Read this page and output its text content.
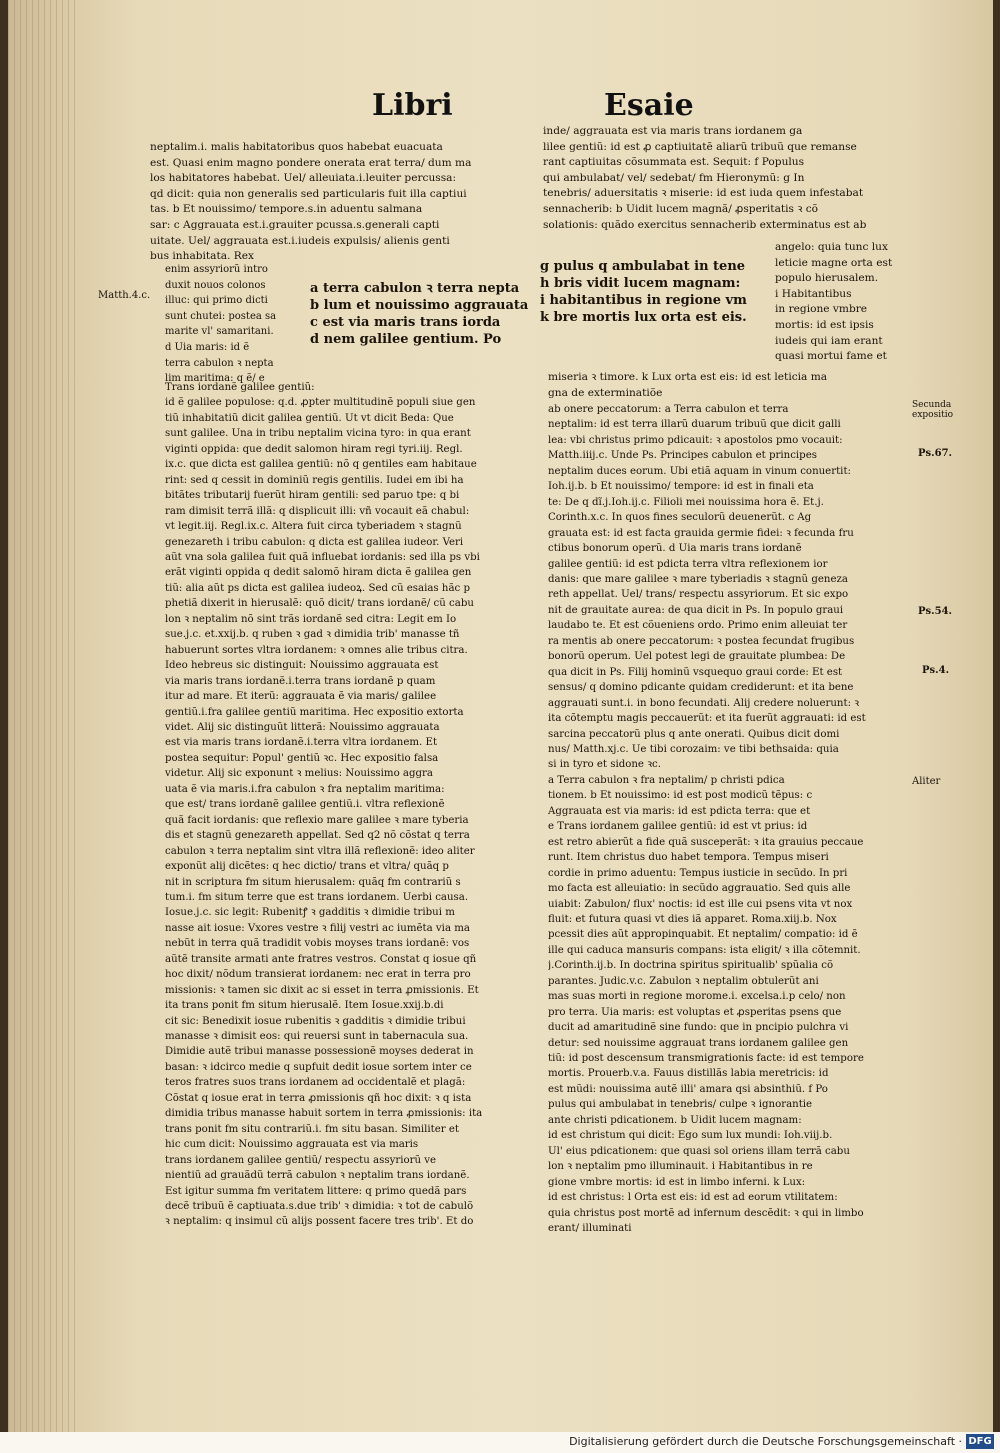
Libri	Esaie
neptalim.i. malis habitatoribus quos habebat euacuata
est. Quasi enim magno pondere onerata erat terra/ dum ma
los habitatores habebat. Uel/ alleuiata.i.leuiter percussa:
qd dicit: quia non generalis sed particularis fuit illa captiui
tas. b Et nouissimo/ tempore.s.in aduentu salmana
sar: c Aggrauata est.i.grauiter pcussa.s.generali capti
uitate. Uel/ aggrauata est.i.iudeis expulsis/ alienis genti
bus inhabitata. Rex
enim assyriorũ intro
duxit nouos colonos
illuc: qui primo dicti
sunt chutei: postea sa
marite vl' samaritani.
d Uia maris: id ẽ
terra cabulon ꝛ nepta
lim maritima: q ẽ/ e
a terra cabulon ꝛ terra nepta
b lum et nouissimo aggrauata
c est via maris trans iorda
d nem galilee gentium. Po
Trans iordanẽ galilee gentiũ:
id ẽ galilee populose: q.d. ꝓpter multitudinẽ populi siue gen
tiũ inhabitatiũ dicit galilea gentiũ. Ut vt dicit Beda: Que
sunt galilee. Una in tribu neptalim vicina tyro: in qua erant
viginti oppida: que dedit salomon hiram regi tyri.iij. Regl.
ix.c. que dicta est galilea gentiũ: nõ q gentiles eam habitaue
rint: sed q cessit in dominiũ regis gentilis. Iudei em ibi ha
bitãtes tributarij fuerũt hiram gentili: sed paruo tpe: q bi
ram dimisit terrã illã: q displicuit illi: vñ vocauit eã chabul:
vt legit.iij. Regl.ix.c. Altera fuit circa tyberiadem ꝛ stagnũ
genezareth i tribu cabulon: q dicta est galilea iudeor. Veri
aũt vna sola galilea fuit quã influebat iordanis: sed illa ps vbi
erãt viginti oppida q dedit salomõ hiram dicta ẽ galilea gen
tiũ: alia aũt ps dicta est galilea iudeoꝝ. Sed cũ esaias hãc p
phetiã dixerit in hierusalẽ: quõ dicit/ trans iordanẽ/ cũ cabu
lon ꝛ neptalim nõ sint trãs iordanẽ sed citra: Legit em Io
sue.j.c. et.xxij.b. q ruben ꝛ gad ꝛ dimidia trib' manasse tñ
habuerunt sortes vltra iordanem: ꝛ omnes alie tribus citra.
Ideo hebreus sic distinguit: Nouissimo aggrauata est
via maris trans iordanẽ.i.terra trans iordanẽ p quam
itur ad mare. Et iterũ: aggrauata ẽ via maris/ galilee
gentiũ.i.fra galilee gentiũ maritima. Hec expositio extorta
videt. Alij sic distinguũt litterã: Nouissimo aggrauata
est via maris trans iordanẽ.i.terra vltra iordanem. Et
postea sequitur: Popul' gentiũ ꝛc. Hec expositio falsa
videtur. Alij sic exponunt ꝛ melius: Nouissimo aggra
uata ẽ via maris.i.fra cabulon ꝛ fra neptalim maritima:
que est/ trans iordanẽ galilee gentiũ.i. vltra reflexionẽ
quã facit iordanis: que reflexio mare galilee ꝛ mare tyberia
dis et stagnũ genezareth appellat. Sed q2 nõ cõstat q terra
cabulon ꝛ terra neptalim sint vltra illã reflexionẽ: ideo aliter
exponũt alij dicẽtes: q hec dictio/ trans et vltra/ quãq p
nit in scriptura fm situm hierusalem: quãq fm contrariũ s
tum.i. fm situm terre que est trans iordanem. Uerbi causa.
Iosue.j.c. sic legit: Rubenitꝭ ꝛ gadditis ꝛ dimidie tribui m
nasse ait iosue: Vxores vestre ꝛ filij vestri ac iumẽta via ma
nebũt in terra quã tradidit vobis moyses trans iordanẽ: vos
aũtẽ transite armati ante fratres vestros. Constat q iosue qñ
hoc dixit/ nõdum transierat iordanem: nec erat in terra pro
missionis: ꝛ tamen sic dixit ac si esset in terra ꝓmissionis. Et
ita trans ponit fm situm hierusalẽ. Item Iosue.xxij.b.di
cit sic: Benedixit iosue rubenitis ꝛ gadditis ꝛ dimidie tribui
manasse ꝛ dimisit eos: qui reuersi sunt in tabernacula sua.
Dimidie autẽ tribui manasse possessionẽ moyses dederat in
basan: ꝛ idcirco medie q supfuit dedit iosue sortem inter ce
teros fratres suos trans iordanem ad occidentalẽ et plagã:
Cõstat q iosue erat in terra ꝓmissionis qñ hoc dixit: ꝛ q ista
dimidia tribus manasse habuit sortem in terra ꝓmissionis: ita
trans ponit fm situ contrariũ.i. fm situ basan. Similiter et
hic cum dicit: Nouissimo aggrauata est via maris
trans iordanem galilee gentiũ/ respectu assyriorũ ve
nientiũ ad grauãdũ terrã cabulon ꝛ neptalim trans iordanẽ.
Est igitur summa fm veritatem littere: q primo quedã pars
decẽ tribuũ ẽ captiuata.s.due trib' ꝛ dimidia: ꝛ tot de cabulõ
ꝛ neptalim: q insimul cũ alijs possent facere tres trib'. Et do
inde/ aggrauata est via maris trans iordanem ga
lilee gentiũ: id est ꝓ captiuitatẽ aliarũ tribuũ que remanse
rant captiuitas cõsummata est. Sequit: f Populus
qui ambulabat/ vel/ sedebat/ fm Hieronymũ: g In
tenebris/ aduersitatis ꝛ miserie: id est iuda quem infestabat
sennacherib: b Uidit lucem magnã/ ꝓsperitatis ꝛ cõ
solationis: quãdo exercitus sennacherib exterminatus est ab
g pulus q ambulabat in tene
h bris vidit lucem magnam:
i habitantibus in regione vm
k bre mortis lux orta est eis.
angelo: quia tunc lux
leticie magne orta est
populo hierusalem.
i Habitantibus
in regione vmbre
mortis: id est ipsis
iudeis qui iam erant
quasi mortui fame et
miseria ꝛ timore. k Lux orta est eis: id est leticia ma
gna de exterminatiõe
ab onere peccatorum: a Terra cabulon et terra
neptalim: id est terra illarũ duarum tribuũ que dicit galli
lea: vbi christus primo pdicauit: ꝛ apostolos pmo vocauit:
Matth.iiij.c. Unde Ps. Principes cabulon et principes
neptalim duces eorum. Ubi etiã aquam in vinum conuertit:
Ioh.ij.b. b Et nouissimo/ tempore: id est in finali eta
te: De q dĩ.j.Ioh.ij.c. Filioli mei nouissima hora ẽ. Et.j.
Corinth.x.c. In quos fines seculorũ deuenerũt. c Ag
grauata est: id est facta grauida germie fidei: ꝛ fecunda fru
ctibus bonorum operũ. d Uia maris trans iordanẽ
galilee gentiũ: id est pdicta terra vltra reflexionem ior
danis: que mare galilee ꝛ mare tyberiadis ꝛ stagnũ geneza
reth appellat. Uel/ trans/ respectu assyriorum. Et sic expo
nit de grauitate aurea: de qua dicit in Ps. In populo graui
laudabo te. Et est cõueniens ordo. Primo enim alleuiat ter
ra mentis ab onere peccatorum: ꝛ postea fecundat frugibus
bonorũ operum. Uel potest legi de grauitate plumbea: De
qua dicit in Ps. Filij hominũ vsquequo graui corde: Et est
sensus/ q domino pdicante quidam crediderunt: et ita bene
aggrauati sunt.i. in bono fecundati. Alij credere noluerunt: ꝛ
ita cõtemptu magis peccauerũt: et ita fuerũt aggrauati: id est
sarcina peccatorũ plus q ante onerati. Quibus dicit domi
nus/ Matth.xj.c. Ue tibi corozaim: ve tibi bethsaida: quia
si in tyro et sidone ꝛc.
a Terra cabulon ꝛ fra neptalim/ p christi pdica
tionem. b Et nouissimo: id est post modicũ tẽpus: c
Aggrauata est via maris: id est pdicta terra: que et
e Trans iordanem galilee gentiũ: id est vt prius: id
est retro abierũt a fide quã susceperãt: ꝛ ita grauius peccaue
runt. Item christus duo habet tempora. Tempus miseri
cordie in primo aduentu: Tempus iusticie in secũdo. In pri
mo facta est alleuiatio: in secũdo aggrauatio. Sed quis alle
uiabit: Zabulon/ flux' noctis: id est ille cui psens vita vt nox
fluit: et futura quasi vt dies iã apparet. Roma.xiij.b. Nox
pcessit dies aũt appropinquabit. Et neptalim/ compatio: id ẽ
ille qui caduca mansuris compans: ista eligit/ ꝛ illa cõtemnit.
j.Corinth.ij.b. In doctrina spiritus spiritualib' spũalia cõ
parantes. Judic.v.c. Zabulon ꝛ neptalim obtulerũt ani
mas suas morti in regione morome.i. excelsa.i.p celo/ non
pro terra. Uia maris: est voluptas et ꝓsperitas psens que
ducit ad amaritudinẽ sine fundo: que in pncipio pulchra vi
detur: sed nouissime aggrauat trans iordanem galilee gen
tiũ: id post descensum transmigrationis facte: id est tempore
mortis. Prouerb.v.a. Fauus distillãs labia meretricis: id
est mũdi: nouissima autẽ illi' amara qsi absinthiũ. f Po
pulus qui ambulabat in tenebris/ culpe ꝛ ignorantie
ante christi pdicationem. b Uidit lucem magnam:
id est christum qui dicit: Ego sum lux mundi: Ioh.viij.b.
Ul' eius pdicationem: que quasi sol oriens illam terrã cabu
lon ꝛ neptalim pmo illuminauit. i Habitantibus in re
gione vmbre mortis: id est in limbo inferni. k Lux:
id est christus: l Orta est eis: id est ad eorum vtilitatem:
quia christus post mortẽ ad infernum descẽdit: ꝛ qui in limbo
erant/ illuminati
Matth.4.c.
Secunda
expositio
Ps.67.
Ps.54.
Ps.4.
Aliter
Digitalisierung gefördert durch die Deutsche Forschungsgemeinschaft · DFG
